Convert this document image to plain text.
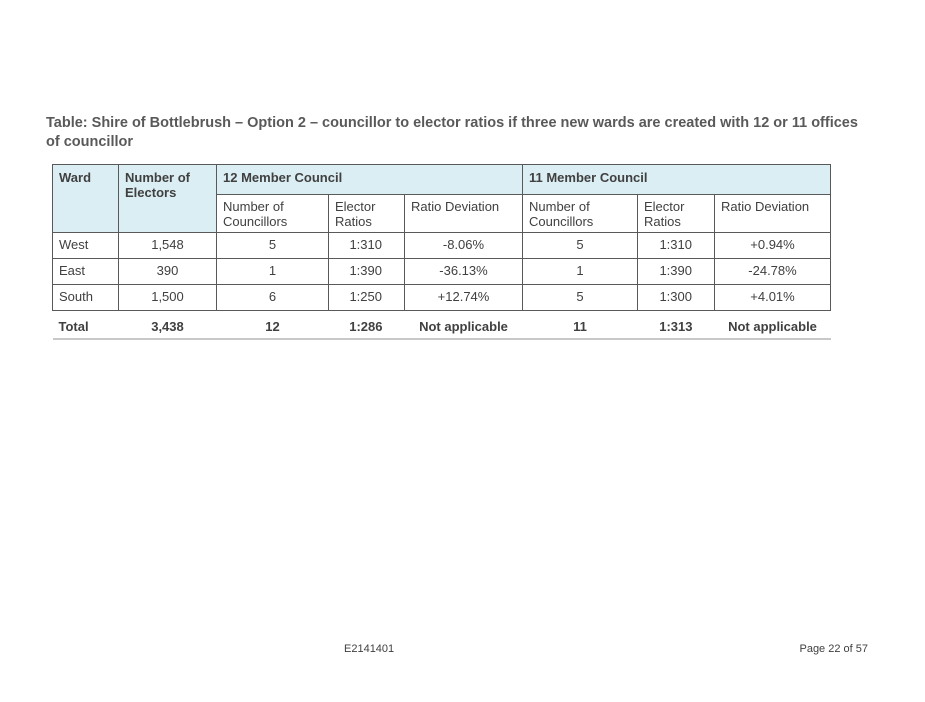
Table: Shire of Bottlebrush – Option 2 – councillor to elector ratios if three new wards are created with 12 or 11 offices of councillor
Ward	Number of Electors	12 Member Council			11 Member Council		
		Number of Councillors	Elector Ratios	Ratio Deviation	Number of Councillors	Elector Ratios	Ratio Deviation
West	1,548	5	1:310	-8.06%	5	1:310	+0.94%
East	390	1	1:390	-36.13%	1	1:390	-24.78%
South	1,500	6	1:250	+12.74%	5	1:300	+4.01%
Total	3,438	12	1:286	Not applicable	11	1:313	Not applicable
E2141401	Page 22 of 57
